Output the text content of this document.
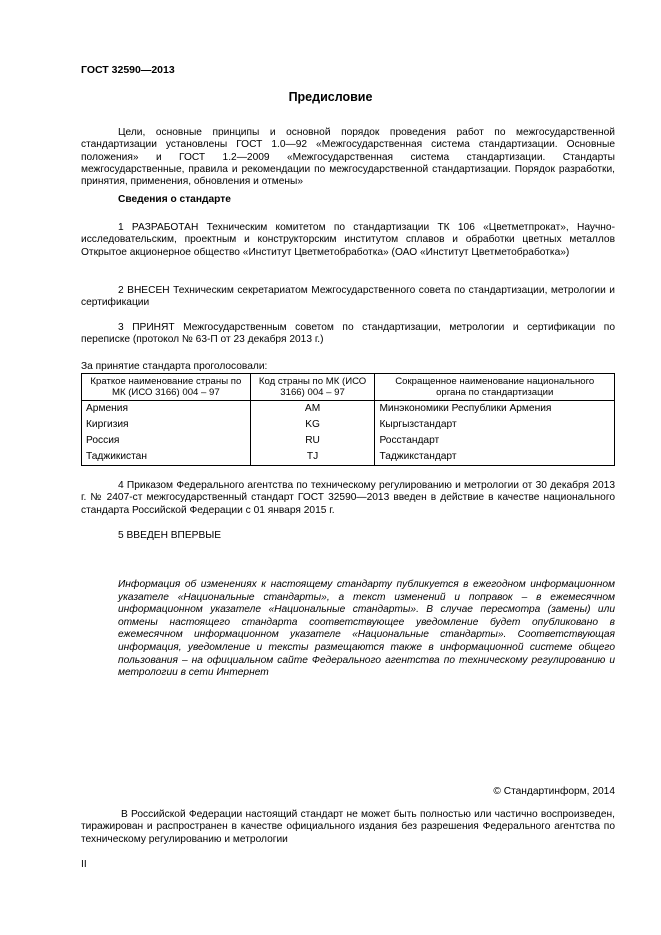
ГОСТ 32590—2013
Предисловие
Цели, основные принципы и основной порядок проведения работ по межгосударственной стандартизации установлены ГОСТ 1.0—92 «Межгосударственная система стандартизации. Основные положения» и ГОСТ 1.2—2009 «Межгосударственная система стандартизации. Стандарты межгосударственные, правила и рекомендации по межгосударственной стандартизации. Порядок разработки, принятия, применения, обновления и отмены»
Сведения о стандарте
1 РАЗРАБОТАН Техническим комитетом по стандартизации ТК 106 «Цветметпрокат», Научно-исследовательским, проектным и конструкторским институтом сплавов и обработки цветных металлов Открытое акционерное общество «Институт Цветметобработка» (ОАО «Институт Цветметобработка»)
2 ВНЕСЕН Техническим секретариатом Межгосударственного совета по стандартизации, метрологии и сертификации
3 ПРИНЯТ Межгосударственным советом по стандартизации, метрологии и сертификации по переписке (протокол № 63-П от 23 декабря 2013 г.)
За принятие стандарта проголосовали:
Краткое наименование страны по МК (ИСО 3166) 004 – 97	Код страны по МК (ИСО 3166) 004 – 97	Сокращенное наименование национального органа по стандартизации
Армения	AM	Минэкономики Республики Армения
Киргизия	KG	Кыргызстандарт
Россия	RU	Росстандарт
Таджикистан	TJ	Таджикстандарт
4 Приказом Федерального агентства по техническому регулированию и метрологии от 30 декабря 2013 г. № 2407-ст межгосударственный стандарт ГОСТ 32590—2013 введен в действие в качестве национального стандарта Российской Федерации с 01 января 2015 г.
5 ВВЕДЕН ВПЕРВЫЕ
Информация об изменениях к настоящему стандарту публикуется в ежегодном информационном указателе «Национальные стандарты», а текст изменений и поправок – в ежемесячном информационном указателе «Национальные стандарты». В случае пересмотра (замены) или отмены настоящего стандарта соответствующее уведомление будет опубликовано в ежемесячном информационном указателе «Национальные стандарты». Соответствующая информация, уведомление и тексты размещаются также в информационной системе общего пользования – на официальном сайте Федерального агентства по техническому регулированию и метрологии в сети Интернет
© Стандартинформ, 2014
В Российской Федерации настоящий стандарт не может быть полностью или частично воспроизведен, тиражирован и распространен в качестве официального издания без разрешения Федерального агентства по техническому регулированию и метрологии
II
